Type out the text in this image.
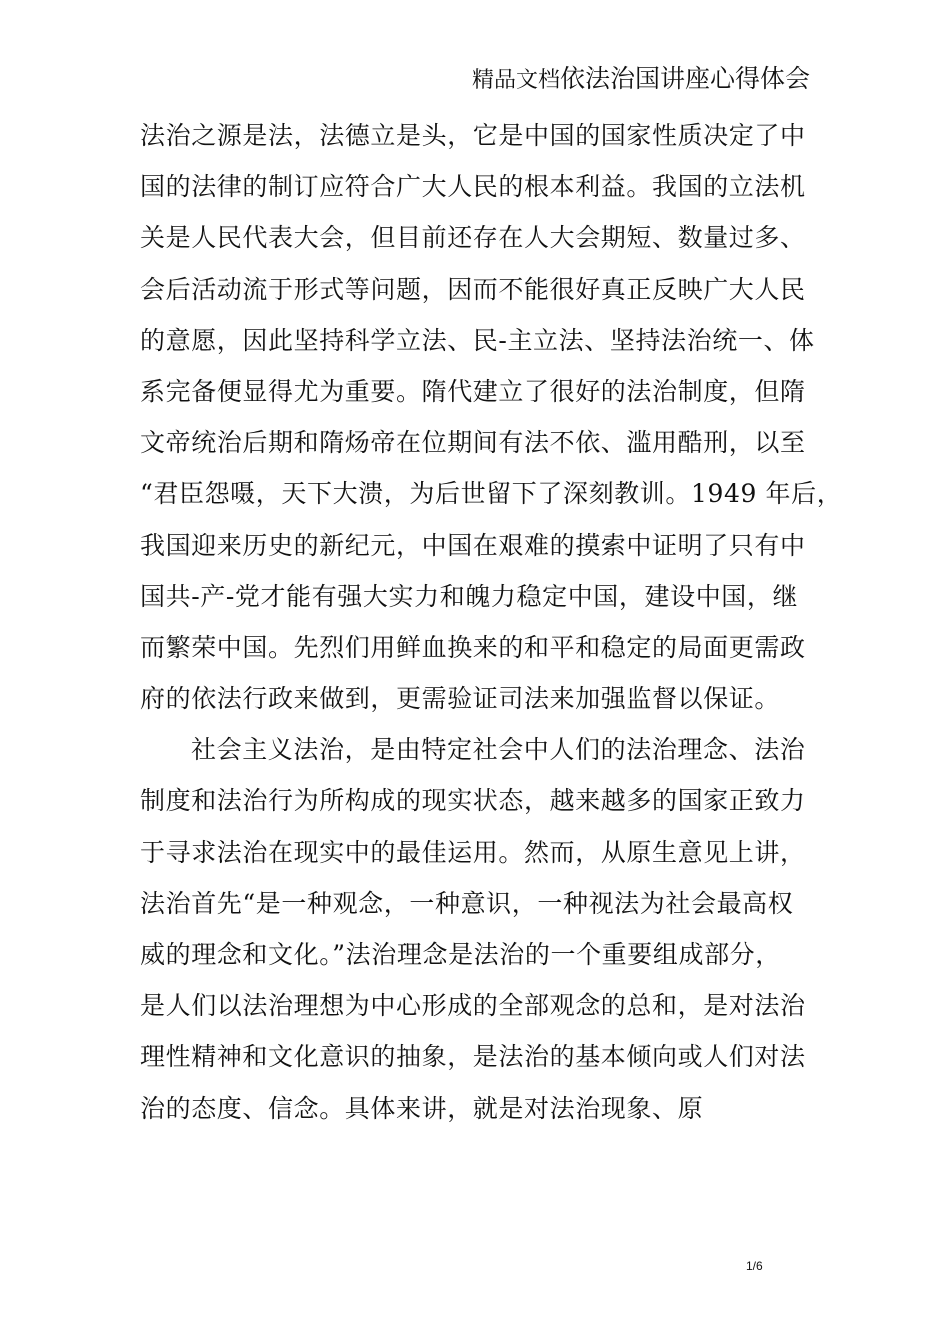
精品文档依法治国讲座心得体会
法治之源是法，法德立是头，它是中国的国家性质决定了中
国的法律的制订应符合广大人民的根本利益。我国的立法机
关是人民代表大会，但目前还存在人大会期短、数量过多、
会后活动流于形式等问题，因而不能很好真正反映广大人民
的意愿，因此坚持科学立法、民-主立法、坚持法治统一、体
系完备便显得尤为重要。隋代建立了很好的法治制度，但隋
文帝统治后期和隋炀帝在位期间有法不依、滥用酷刑，以至
“君臣怨嗫，天下大溃，为后世留下了深刻教训。1949 年后，
我国迎来历史的新纪元，中国在艰难的摸索中证明了只有中
国共-产-党才能有强大实力和魄力稳定中国，建设中国，继
而繁荣中国。先烈们用鲜血换来的和平和稳定的局面更需政
府的依法行政来做到，更需验证司法来加强监督以保证。
社会主义法治，是由特定社会中人们的法治理念、法治
制度和法治行为所构成的现实状态，越来越多的国家正致力
于寻求法治在现实中的最佳运用。然而，从原生意见上讲，
法治首先“是一种观念，一种意识，一种视法为社会最高权
威的理念和文化。”法治理念是法治的一个重要组成部分，
是人们以法治理想为中心形成的全部观念的总和，是对法治
理性精神和文化意识的抽象，是法治的基本倾向或人们对法
治的态度、信念。具体来讲，就是对法治现象、原
1/6
